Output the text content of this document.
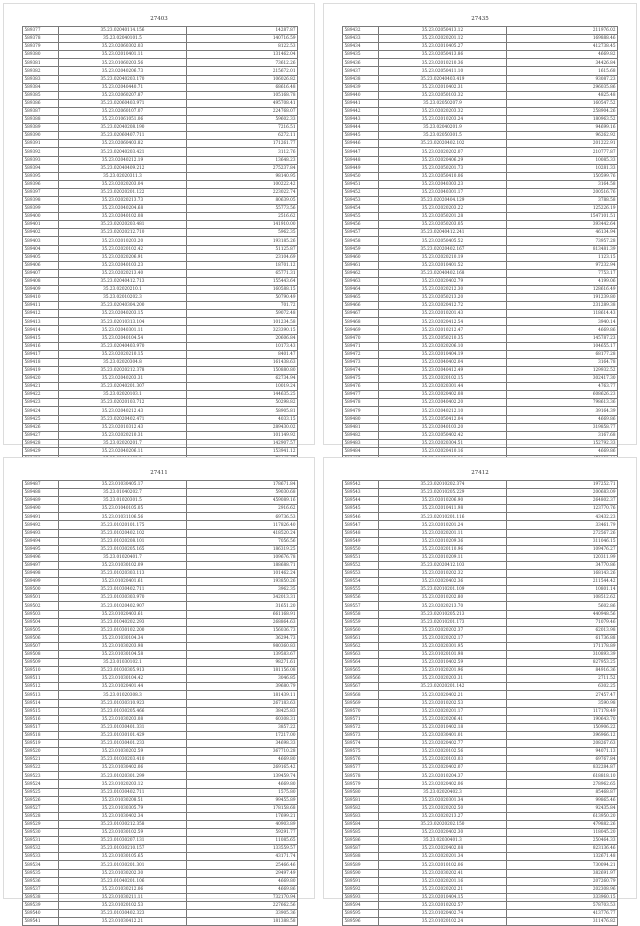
27403
589377	35.23.02040114.156	14287.87
589378	35.23.02040101.5	140716.59
589379	35.23.02060302.03	8122.53
589380	35.23.02010401.11	131462.04
589381	35.23.01060203.56	73612.26
589382	35.23.02040206.73	215672.01
589383	35.23.02040203.170	106026.82
589384	35.23.02040440.71	68616.48
589385	35.23.02060207.87	105168.78
589386	35.23.02060403.971	495708.41
589387	35.23.02060107.07	224768.07
589388	35.23.01061051.06	59602.33
589389	35.23.02040208.190	7216.51
589390	35.23.02060407.711	6272.11
589391	35.23.02060403.82	171261.77
589392	35.23.02040203.421	3112.76
589393	35.23.02040212.19	13648.23
589394	35.23.02040409.212	275237.84
589395	35.23.02020311.3	98140.95
589396	35.23.02020203.04	100222.42
589397	35.23.02020201.122	223022.74
589398	35.23.02020213.73	80639.05
589399	35.23.02040204.68	55773.56
589400	35.23.02040102.08	2516.62
589401	35.23.02020203.481	141910.00
589402	35.23.02020212.710	5962.35
589403	35.23.02010203.20	193185.26
589404	35.23.02020102.42	51125.87
589405	35.23.02020206.91	23104.69
589406	35.23.02040103.23	18701.12
589407	35.23.02020213.40	65771.31
589408	35.23.02040412.713	155443.64
589409	35.23.02020210.1	160588.15
589410	35.23.02010202.3	50790.49
589411	35.23.02040304.200	701.72
589412	35.23.02040203.15	59072.48
589413	35.23.02010313.104	101234.58
589414	35.23.02040301.11	323390.15
589415	35.23.02040104.54	20606.84
589416	35.23.02040403.970	10173.43
589417	35.23.02020210.15	8401.47
589418	35.23.02020304.8	161438.63
589419	35.23.02020212.378	150880.80
589420	35.23.02040203.31	62734.94
589421	35.23.02040201.307	10019.24
589422	35.23.02020103.1	144635.25
589423	35.23.02020103.712	50298.82
589424	35.23.02040212.43	58905.81
589425	35.23.02020402.471	4033.15
589426	35.23.02010312.43	289430.02
589427	35.23.02020210.31	101149.92
589428	35.23.02020201.7	142907.57
589429	35.23.02040206.11	153941.12

27435
589432	35.23.02050413.12	211976.02
589433	35.23.02020201.12	169888.46
589434	35.23.02010405.27	412738.45
589435	35.23.02050413.86	4669.82
589436	35.23.02010210.36	34426.84
589437	35.23.02050411.10	1615.68
589438	35.23.02040403.419	93087.23
589439	35.23.02010402.31	296035.86
589440	35.23.02050103.32	4825.48
589441	35.23.02050207.9	160547.52
589442	35.23.02020203.32	258904.26
589443	35.23.02010203.24	180963.52
589444	35.23.02040201.9	94699.16
589445	35.23.02050301.5	96262.92
589446	35.23.02020402.102	201222.91
589447	35.23.02020202.07	210777.87
589448	35.23.02020406.29	10085.33
589449	35.23.02050201.73	10281.33
589450	35.23.02050410.06	150599.76
589451	35.23.02040303.23	3164.58
589452	35.23.02040301.17	200516.76
589453	35.23.02020404.129	3788.58
589454	35.23.02020203.22	125226.19
589455	35.23.02050201.28	1547101.51
589456	35.23.02050203.05	393442.64
589457	35.23.02040412.241	46134.94
589458	35.23.02050405.52	73957.28
589459	35.23.02020402.167	813481.39
589460	35.23.02020210.19	1123.15
589461	35.23.02010401.52	97232.94
589462	35.23.02040402.168	7753.17
589463	35.23.02020402.79	4199.06
589464	35.23.02020212.30	128616.49
589465	35.23.02050213.20	191239.80
589466	35.23.02020412.72	231289.38
589467	35.23.02010201.43	118614.43
589468	35.23.02020412.54	3940.14
589469	35.23.02010212.47	4669.86
589470	35.23.02050210.35	145787.23
589471	35.23.02020206.10	104655.17
589472	35.23.02010404.19	68177.28
589473	35.23.02040402.04	3164.78
589474	35.23.02040412.49	129932.52
589475	35.23.02020102.15	302417.30
589476	35.23.02020301.44	4763.77
589477	35.23.02020402.08	608626.23
589478	35.23.02040402.20	798613.36
589479	35.23.02040212.10	39164.39
589480	35.23.02050412.04	4669.86
589481	35.23.02040103.20	319858.77
589482	35.23.02050402.42	3167.68
589483	35.23.02020304.51	152792.33
589484	35.23.02020410.16	4669.86

27411
589487	35.23.01030405.17	178671.84
589488	35.23.01040202.7	59030.68
589489	35.23.01020301.5	459089.16
589490	35.23.01040105.05	2916.62
589491	35.23.01031106.56	69736.53
589492	35.23.01020101.175	117826.40
589493	35.23.01020402.102	418520.24
589494	35.23.01020208.101	7056.56
589495	35.23.01030205.165	186319.25
589496	35.23.01020401.7	109676.78
589497	35.23.01030102.09	188688.71
589498	35.23.01020303.113	101462.24
589499	35.23.01020401.61	193850.26
589500	35.23.01030402.711	3962.35
589501	35.23.01030303.970	342013.31
589502	35.23.01020402.907	31651.20
589503	35.23.01020403.61	661168.91
589504	35.23.01040202.293	268864.63
589505	35.23.01030102.200	156036.73
589506	35.23.01030104.34	36294.73
589507	35.23.01030203.98	980360.83
589508	35.23.01030104.58	139583.67
589509	35.23.01030102.1	98271.61
589510	35.23.01030305.913	181156.08
589511	35.23.01030104.42	3046.85
589512	35.23.01020401.44	39680.79
589513	35.23.01020308.3	181439.11
589514	35.23.01030310.923	267183.63
589515	35.23.01030205.466	38425.83
589516	35.23.01030203.08	60308.31
589517	35.23.01030401.331	3857.22
589518	35.23.01030101.429	17217.00
589519	35.23.01030401.233	34698.33
589520	35.23.01030202.59	367710.28
589521	35.23.01030203.410	4669.80
589522	35.23.01030402.06	269165.42
589523	35.23.01020301.299	139459.74
589524	35.23.01020203.12	4669.80
589525	35.23.01030402.711	1575.80
589526	35.23.01030208.51	99455.89
589527	35.23.01030305.79	178158.68
589528	35.23.01030402.34	17699.21
589529	35.23.01030212.358	40903.89
589530	35.23.01030102.59	59291.77
589531	35.23.01030207.131	11085.65
589532	35.23.01030210.157	133559.57
589533	35.23.01030105.65	43171.74
589534	35.23.01030201.301	25466.46
589535	35.23.01030202.30	29497.49
589536	35.23.01040201.106	4669.80
589537	35.23.01030212.06	4669.86
589538	35.23.01030211.11	732170.94
589539	35.23.01020102.53	227662.56
589540	35.23.01030402.323	33905.36
589541	35.23.01030412.21	181388.58
27412
589542	35.23.02010202.374	197252.71
589543	35.23.02010205.229	200683.09
589544	35.23.02010206.90	264802.37
589545	35.23.02010411.98	123770.76
589546	35.23.02010201.116	43432.23
589547	35.23.02010201.24	33461.79
589548	35.23.02020201.11	272567.26
589549	35.23.02010209.36	311046.15
589550	35.23.02020110.96	109476.27
589551	35.23.02010209.11	120311.99
589552	35.23.02020412.103	34770.86
589553	35.23.02010202.32	168143.26
589554	35.23.02020402.36	211544.42
589555	35.23.02010201.109	10801.14
589556	35.23.02010202.80	108512.62
589557	35.23.02020213.70	5602.86
589558	35.23.02010205.213	440948.56
589559	35.23.02010201.173	71079.46
589560	35.23.02020202.37	62013.98
589561	35.23.02020202.17	61736.88
589562	35.23.02020301.95	171178.89
589563	35.23.01020101.98	310893.39
589564	35.23.02010402.59	827953.25
589565	35.23.01020201.96	84916.36
589566	35.23.02020203.31	2711.52
589567	35.23.02020201.142	6302.25
589568	35.23.02020402.21	27457.47
589569	35.23.02010202.53	3590.98
589570	35.23.02020201.17	117178.49
589571	35.23.02020206.41	190643.70
589572	35.23.02010402.18	150906.22
589573	35.23.02030401.01	396966.12
589574	35.23.02020402.77	208267.63
589575	35.23.02020102.56	94071.13
589576	35.23.02020103.03	69767.84
589577	35.23.02020402.07	832284.87
589578	35.23.02010204.37	618818.10
589579	35.23.02020402.06	278962.65
589580	35.23.02020402.3	85468.87
589581	35.23.02020301.34	99865.46
589582	35.23.02020202.50	92435.84
589583	35.23.02020213.27	613950.20
589584	35.23.02020202.150	479882.26
589585	35.23.02020402.30	118045.20
589586	35.23.02030401.3	250464.33
589587	35.23.02020402.08	823136.46
589588	35.23.02020201.34	132671.48
589589	35.23.02010102.06	730094.21
589590	35.23.02030202.41	382691.97
589591	35.23.02020201.16	207260.79
589592	35.23.02020202.21	202308.96
589593	35.23.02010404.15	333960.15
589594	35.23.02010202.57	578703.53
589595	35.23.01020402.74	413776.77
589596	35.23.01020102.24	311476.82
